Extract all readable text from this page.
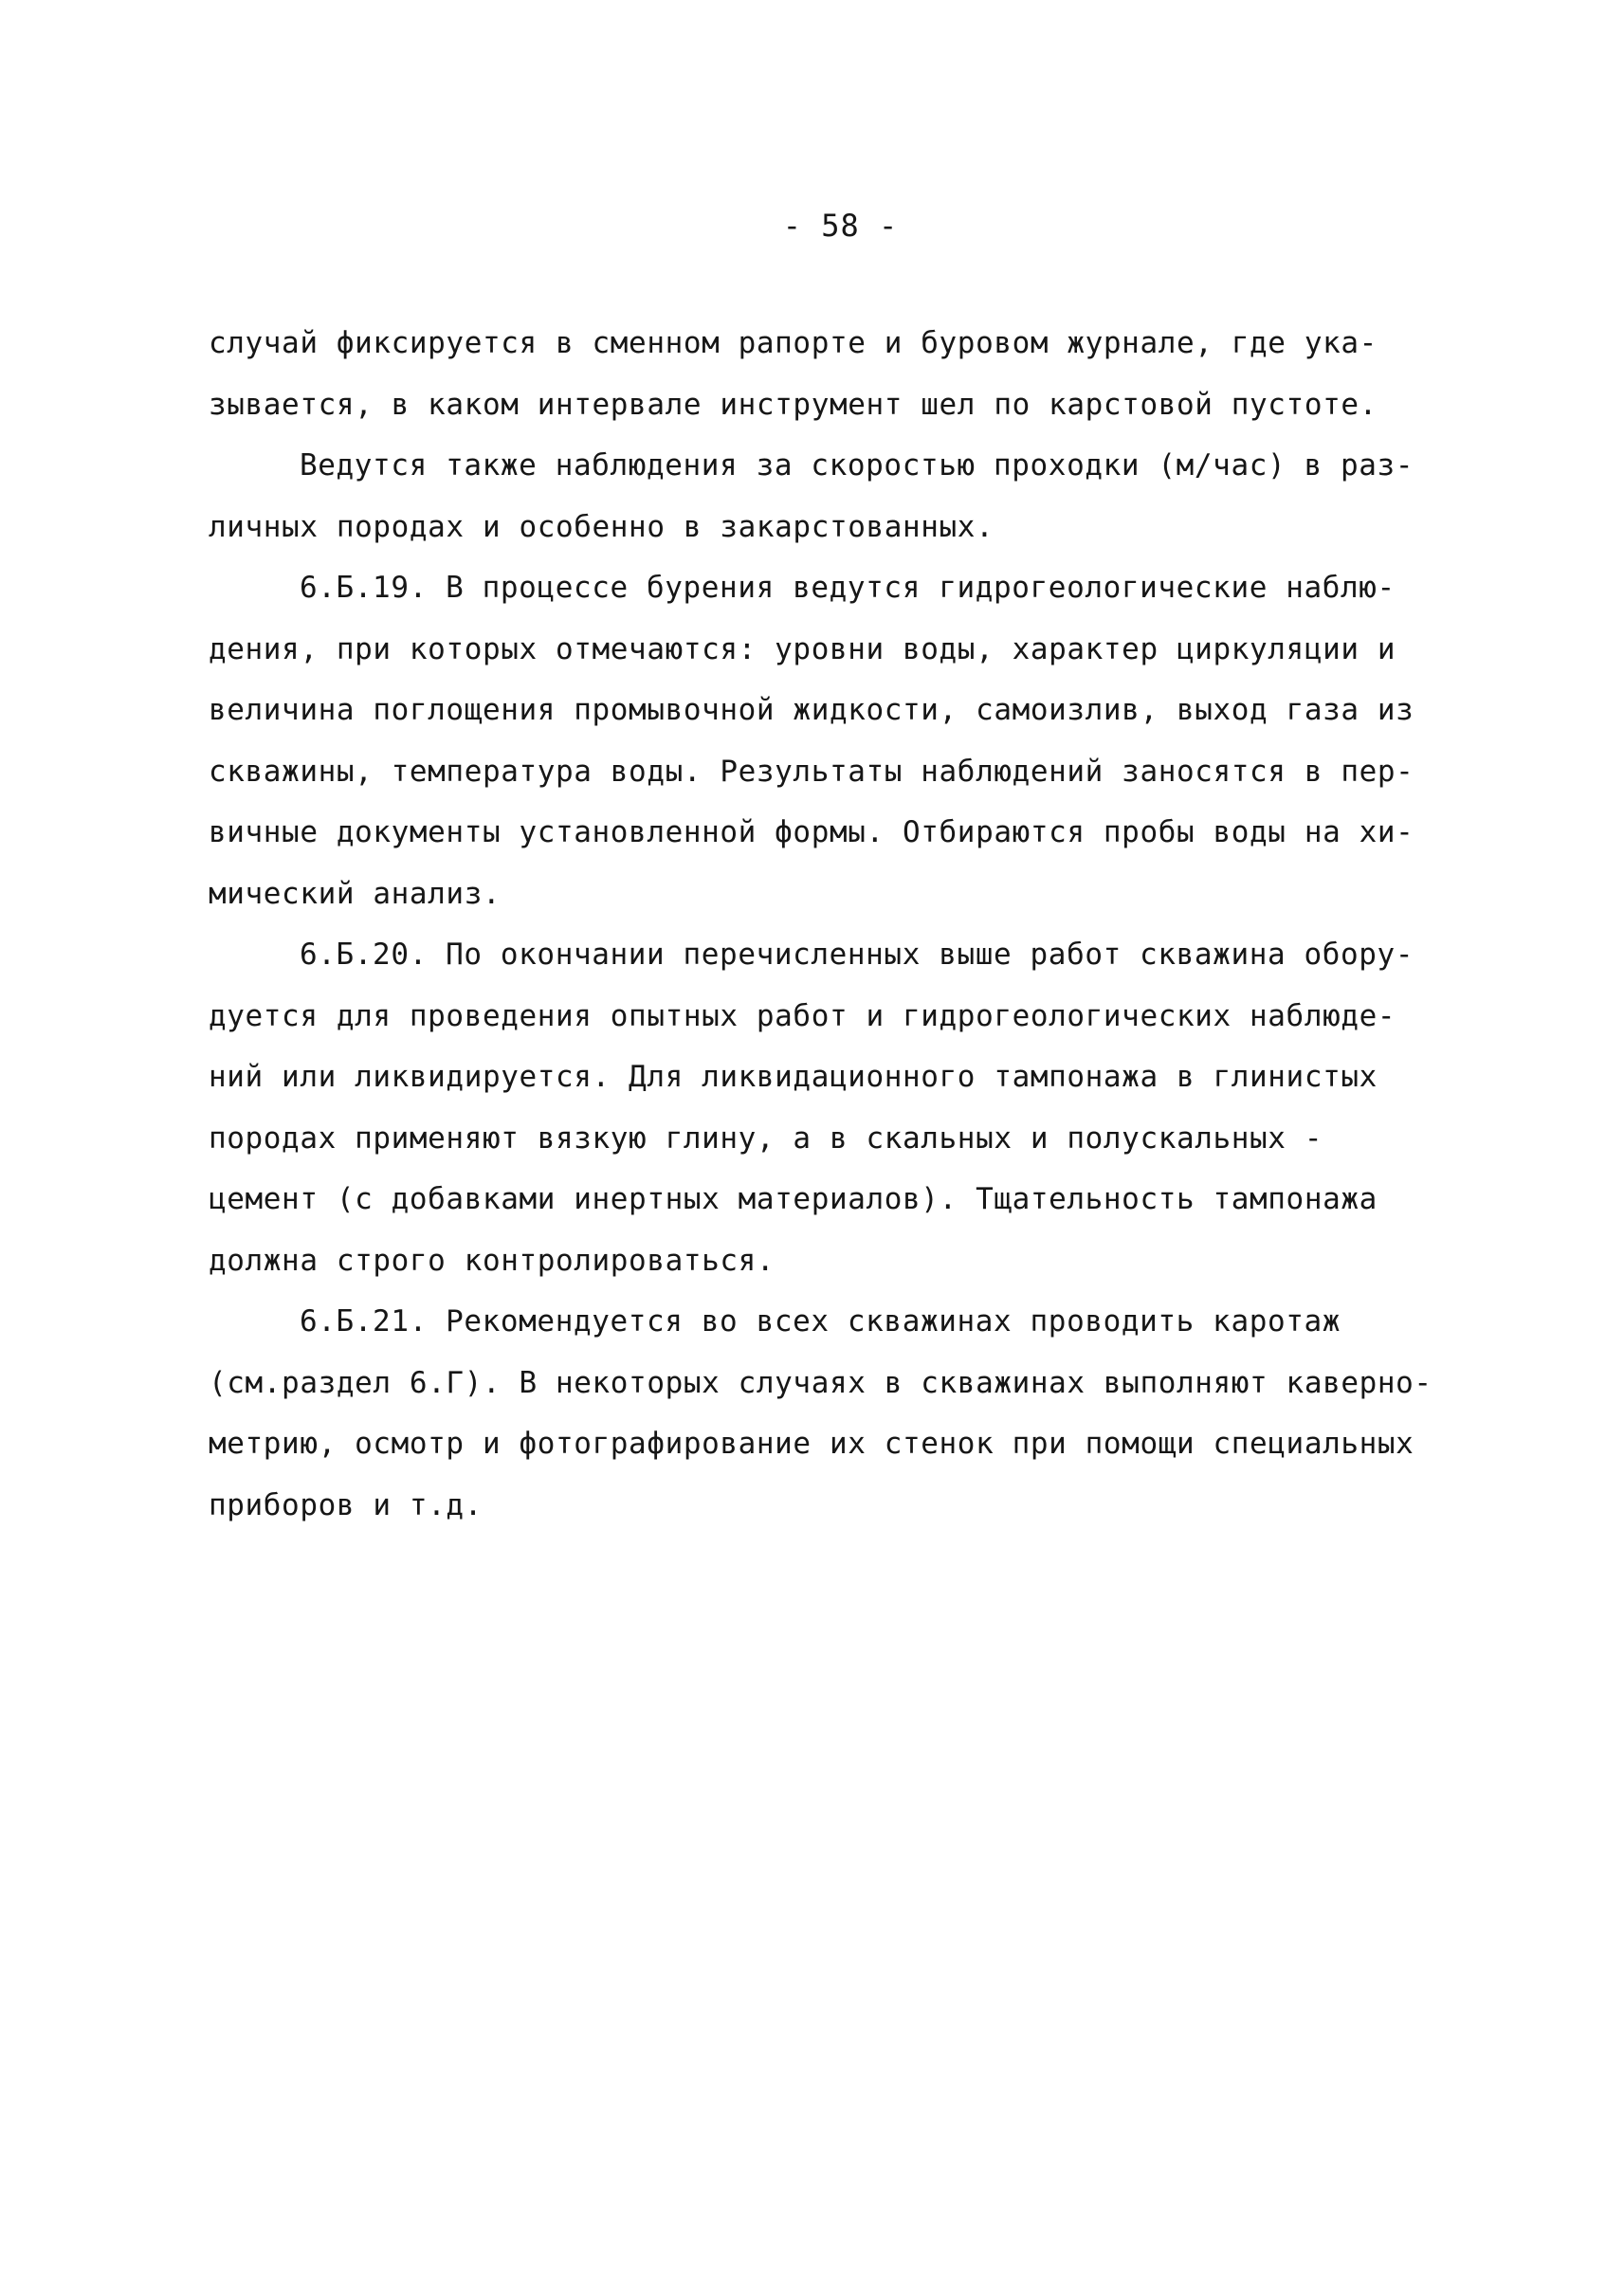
- 58 -
случай фиксируется в сменном рапорте и буровом журнале, где ука-
зывается, в каком интервале инструмент шел по карстовой пустоте.
Ведутся также наблюдения за скоростью проходки (м/час) в раз-
личных породах и особенно в закарстованных.
6.Б.19. В процессе бурения ведутся гидрогеологические наблю-
дения, при которых отмечаются: уровни воды, характер циркуляции и
величина поглощения промывочной жидкости, самоизлив, выход газа из
скважины, температура воды. Результаты наблюдений заносятся в пер-
вичные документы установленной формы. Отбираются пробы воды на хи-
мический анализ.
6.Б.20. По окончании перечисленных выше работ скважина обору-
дуется для проведения опытных работ и гидрогеологических наблюде-
ний или ликвидируется. Для ликвидационного тампонажа в глинистых
породах применяют вязкую глину, а в скальных и полускальных -
цемент (с добавками инертных материалов). Тщательность тампонажа
должна строго контролироваться.
6.Б.21. Рекомендуется во всех скважинах проводить каротаж
(см.раздел 6.Г). В некоторых случаях в скважинах выполняют каверно-
метрию, осмотр и фотографирование их стенок при помощи специальных
приборов и т.д.
